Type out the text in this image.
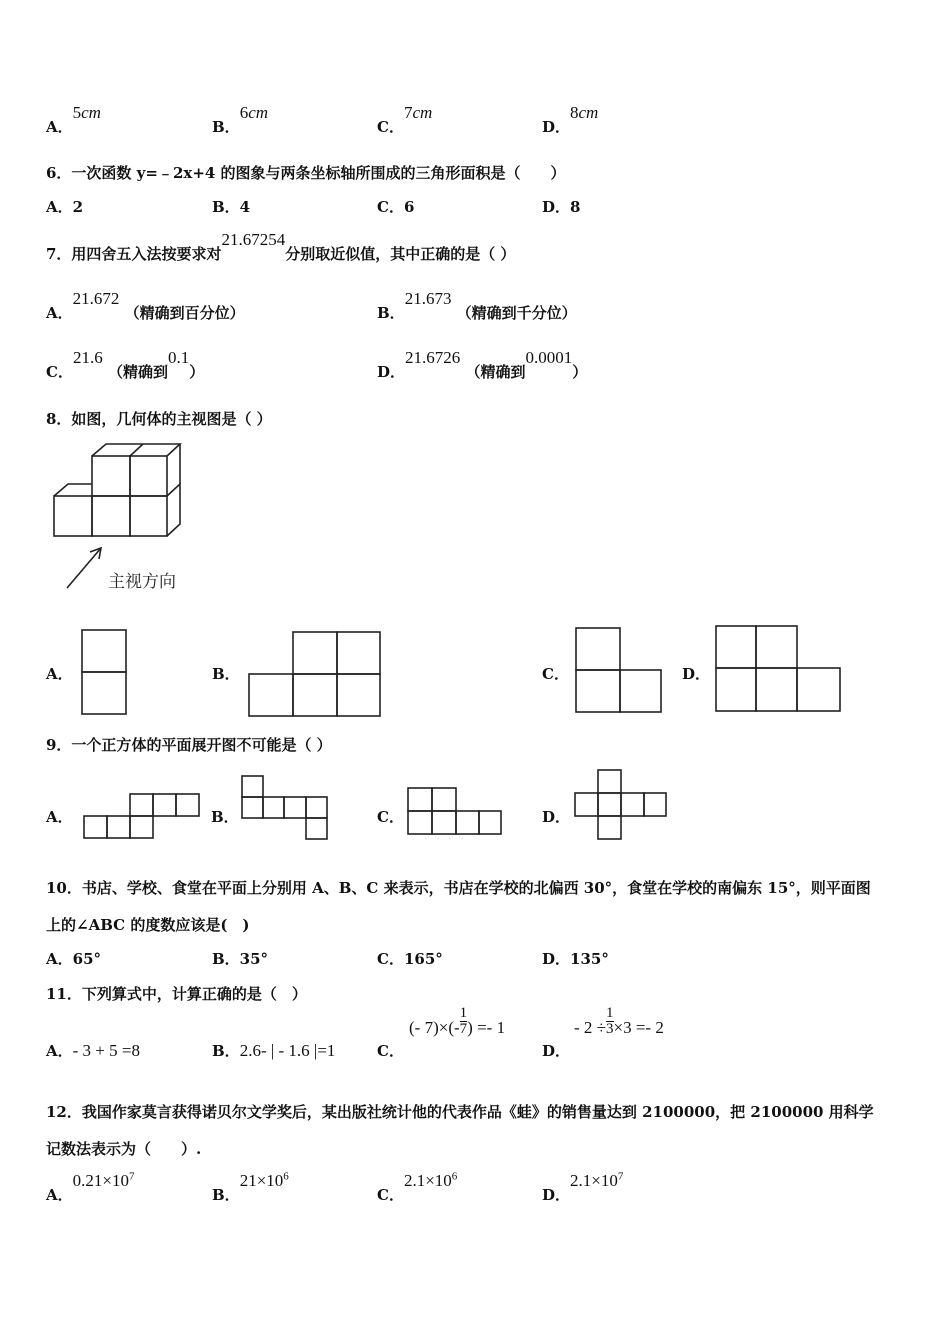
A．5cm
B．6cm
C．7cm
D．8cm
6．一次函数 y=﹣2x+4 的图象与两条坐标轴所围成的三角形面积是（　　）
A．2	B．4	C．6	D．8
7．用四舍五入法按要求对21.67254分别取近似值，其中正确的是（ ）
A．21.672 （精确到百分位）	B．21.673 （精确到千分位）
C．21.6 （精确到0.1）	D．21.6726 （精确到0.0001）
8．如图，几何体的主视图是（ ）
主视方向
A．	B．	C．	D．
9．一个正方体的平面展开图不可能是（ ）
A．	B．	C．	D．
10．书店、学校、食堂在平面上分别用 A、B、C 来表示，书店在学校的北偏西 30°，食堂在学校的南偏东 15°，则平面图
上的∠ABC 的度数应该是(　)
A．65°	B．35°	C．165°	D．135°
11．下列算式中，计算正确的是（　）
A．- 3 + 5 =8	B．2.6- | - 1.6 |=1	C．
(- $7)\times(- \frac{1}{7}$ ) =- 1
D．
- $2 \div \frac{1}{3} \times 3 =- 2$
12．我国作家莫言获得诺贝尔文学奖后，某出版社统计他的代表作品《蛙》的销售量达到 2100000，把 2100000 用科学
记数法表示为（　　）.
A．$0.21\times 10^7$
B．$21\times 10^6$
C．$2.1\times 10^6$
D．$2.1\times 10^7$
